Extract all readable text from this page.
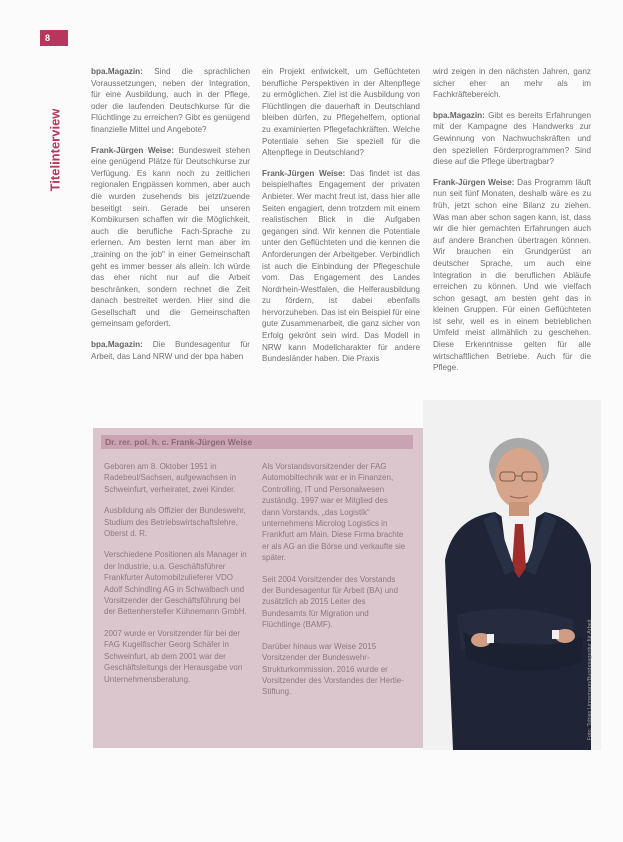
8
Titelinterview

bpa.Magazin: Sind die sprachlichen Voraussetzungen, neben der Integration, für eine Ausbildung, auch in der Pflege, oder die laufenden Deutschkurse für die Flüchtlinge zu erreichen? Gibt es genügend finanzielle Mittel und Angebote?

Frank-Jürgen Weise: Bundesweit stehen eine genügend Plätze für Deutschkurse zur Verfügung. Es kann noch zu zeitlichen regionalen Engpässen kommen, aber auch die wurden zusehends bis jetzt/zuende beseitigt sein. Gerade bei unseren Kombikursen schaffen wir die Möglichkeit, auch die berufliche Fach-Sprache zu erlernen. Am besten lernt man aber im „training on the job" in einer Gemeinschaft geht es immer besser als allein. Ich würde das eher nicht nur auf die Arbeit beschränken, sondern rechnet die Zeit danach bestreitet werden. Hier sind die Gesellschaft und die Gemeinschaften gemeinsam gefordert.

bpa.Magazin: Die Bundesagentur für Arbeit, das Land NRW und der bpa haben

ein Projekt entwickelt, um Geflüchteten berufliche Perspektiven in der Altenpflege zu ermöglichen. Ziel ist die Ausbildung von Flüchtlingen die dauerhaft in Deutschland bleiben dürfen, zu Pflegehelfern, optional zu examinierten Pflegefachkräften. Welche Potentiale sehen Sie speziell für die Altenpflege in Deutschland?

Frank-Jürgen Weise: Das findet ist das beispielhaftes Engagement der privaten Anbieter. Wer macht freut ist, dass hier alle Seiten engagiert, denn trotzdem mit einem realistischen Blick in die Aufgaben gegangen sind. Wir kennen die Potentiale unter den Geflüchteten und die kennen die Anforderungen der Arbeitgeber. Verbindlich ist auch die Einbindung der Pflegeschule vom. Das Engagement des Landes Nordrhein-Westfalen, die Helferausbildung zu fördern, ist dabei ebenfalls hervorzuheben. Das ist ein Beispiel für eine gute Zusammenarbeit, die ganz sicher von Erfolg gekrönt sein wird. Das Modell in NRW kann Modellcharakter für andere Bundesländer haben. Die Praxis

wird zeigen in den nächsten Jahren, ganz sicher eher an mehr als im Fachkräftebereich.

bpa.Magazin: Gibt es bereits Erfahrungen mit der Kampagne des Handwerks zur Gewinnung von Nachwuchskräften und den speziellen Förderprogrammen? Sind diese auf die Pflege übertragbar?

Frank-Jürgen Weise: Das Programm läuft nun seit fünf Monaten, deshalb wäre es zu früh, jetzt schon eine Bilanz zu ziehen. Was man aber schon sagen kann, ist, dass wir die hier gemachten Erfahrungen auch auf andere Branchen übertragen können. Wir brauchen ein Grundgerüst an deutscher Sprache, um auch eine Integration in die beruflichen Abläufe erreichen zu können. Und wie vielfach schon gesagt, am besten geht das in kleinen Gruppen. Für einen Geflüchteten ist sehr, weil es in einem betrieblichen Umfeld meist allmählich zu geschehen. Diese Erkenntnisse gelten für alle wirtschaftlichen Betriebe. Auch für die Pflege.

Dr. rer. pol. h. c. Frank-Jürgen Weise

Geboren am 8. Oktober 1951 in Radebeul/Sachsen, aufgewachsen in Schweinfurt, verheiratet, zwei Kinder.

Ausbildung als Offizier der Bundeswehr, Studium des Betriebswirtschaftslehre, Oberst d. R.

Verschiedene Positionen als Manager in der Industrie, u.a. Geschäftsführer Frankfurter Automobilzulieferer VDO Adolf Schindling AG in Schwalbach und Vorsitzender der Geschäftsführung bei der Bettenhersteller Kühnemann GmbH.

2007 wurde er Vorsitzender für bei der FAG Kugelfischer Georg Schäfer in Schweinfurt, ab dem 2001 war der Geschäftsleitungs der Herausgabe von Unternehmensberatung.

Als Vorstandsvorsitzender der FAG Automobiltechnik war er in Finanzen, Controlling, IT und Personalwesen zuständig. 1997 war er Mitglied des dann Vorstands, „das Logistik“ unternehmens Microlog Logistics in Frankfurt am Main. Diese Firma brachte er als AG an die Börse und verkaufte sie später.

Seit 2004 Vorsitzender des Vorstands der Bundesagentur für Arbeit (BA) und zusätzlich ab 2015 Leiter des Bundesamts für Migration und Flüchtlinge (BAMF).

Darüber hinaus war Weise 2015 Vorsitzender der Bundeswehr-Strukturkommission. 2016 wurde er Vorsitzender des Vorstandes der Hertie-Stiftung.	Foto: Tobias Linnemann/Bundesagentur für Arbeit
